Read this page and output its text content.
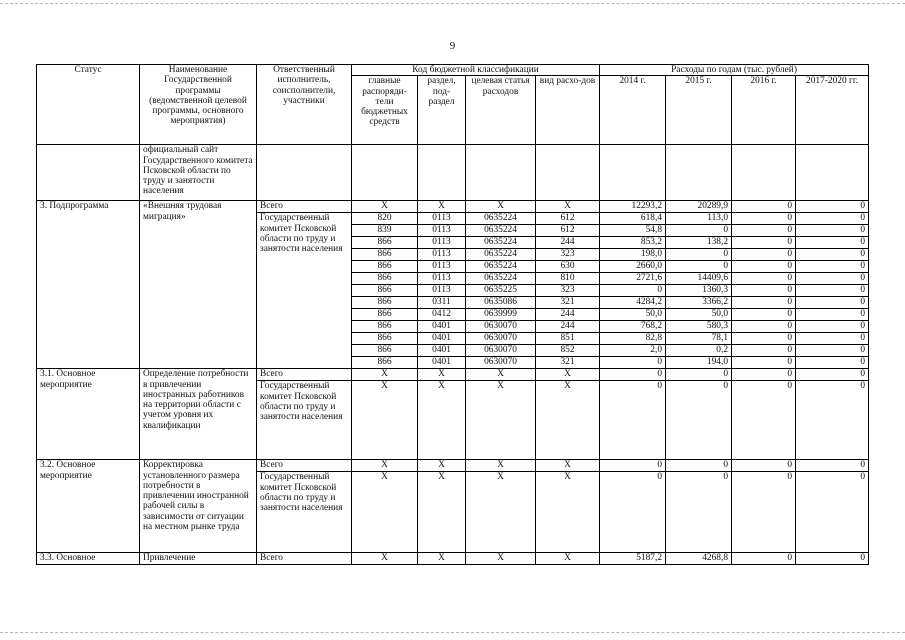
9
Статус	Наименование Государственной программы (ведомственной целевой программы, основного мероприятия)	Ответственный исполнитель, соисполнители, участники	Код бюджетной классификации				Расходы по годам (тыс. рублей)			
			главные распоряди-тели бюджетных средств	раздел, под-раздел	целевая статья расходов	вид расхо-дов	2014 г.	2015 г.	2016 г.	2017-2020 гг.
	официальный сайт Государственного комитета Псковской области по труду и занятости населения									
3. Подпрограмма	«Внешняя трудовая миграция»	Всего	X	X	X	X	12293,2	20289,9	0	0
		Государственный комитет Псковской области по труду и занятости населения	820	0113	0635224	612	618,4	113,0	0	0
			839	0113	0635224	612	54,8	0	0	0
			866	0113	0635224	244	853,2	138,2	0	0
			866	0113	0635224	323	198,0	0	0	0
			866	0113	0635224	630	2660,0	0	0	0
			866	0113	0635224	810	2721,6	14409,6	0	0
			866	0113	0635225	323	0	1360,3	0	0
			866	0311	0635086	321	4284,2	3366,2	0	0
			866	0412	0639999	244	50,0	50,0	0	0
			866	0401	0630070	244	768,2	580,3	0	0
			866	0401	0630070	851	82,8	78,1	0	0
			866	0401	0630070	852	2,0	0,2	0	0
			866	0401	0630070	321	0	194,0	0	0
3.1. Основное мероприятие	Определение потребности в привлечении иностранных работников на территории области с учетом уровня их квалификации	Всего	X	X	X	X	0	0	0	0
		Государственный комитет Псковской области по труду и занятости населения	X	X	X	X	0	0	0	0
3.2. Основное мероприятие	Корректировка установленного размера потребности в привлечении иностранной рабочей силы в зависимости от ситуации на местном рынке труда	Всего	X	X	X	X	0	0	0	0
		Государственный комитет Псковской области по труду и занятости населения	X	X	X	X	0	0	0	0
3.3. Основное	Привлечение	Всего	X	X	X	X	5187,2	4268,8	0	0
